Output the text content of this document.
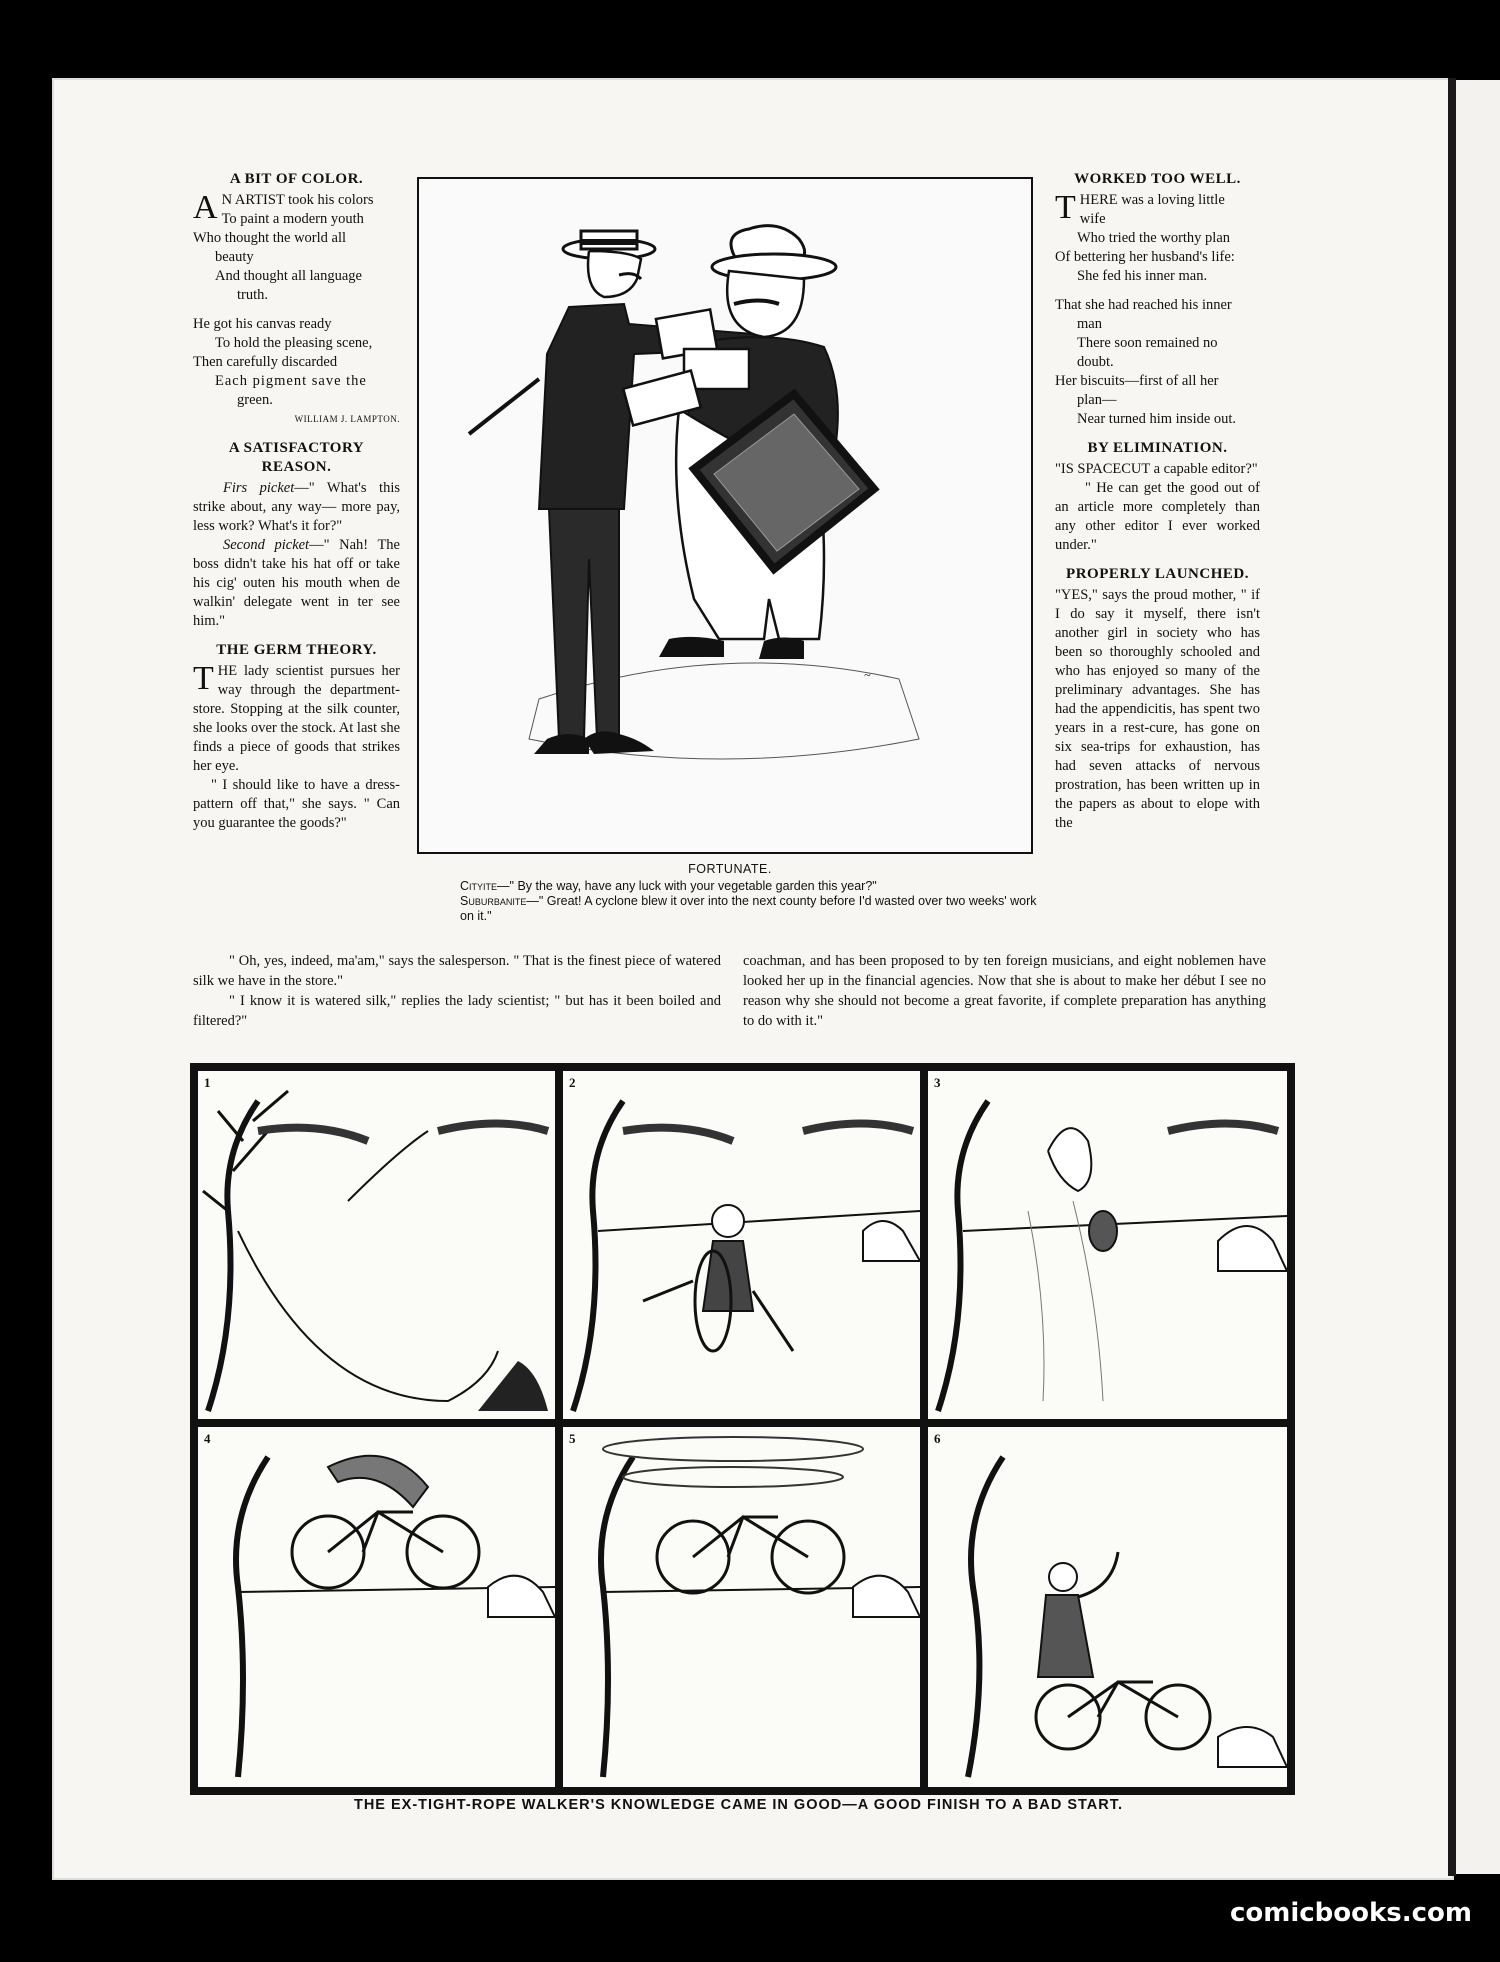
A BIT OF COLOR.

A N ARTIST took his colors

To paint a modern youth

Who thought the world all

beauty

And thought all language

truth.

He got his canvas ready

To hold the pleasing scene,

Then carefully discarded

Each pigment save the

green.

WILLIAM J. LAMPTON.

A SATISFACTORY
REASON.

Firs picket—" What's this strike about, any way— more pay, less work? What's it for?"

Second picket—" Nah! The boss didn't take his hat off or take his cig' outen his mouth when de walkin' delegate went in ter see him."

THE GERM THEORY.

THE lady scientist pursues her way through the department-store. Stopping at the silk counter, she looks over the stock. At last she finds a piece of goods that strikes her eye.

" I should like to have a dress-pattern off that," she says. " Can you guarantee the goods?"

" Oh, yes, indeed, ma'am," says the salesperson. " That is the finest piece of watered silk we have in the store."

" I know it is watered silk," replies the lady scientist; " but has it been boiled and filtered?"

~
FORTUNATE.
Cityite—" By the way, have any luck with your vegetable garden this year?"
Suburbanite—" Great! A cyclone blew it over into the next county before I'd wasted over two weeks' work on it."
WORKED TOO WELL.

THERE was a loving little

wife

Who tried the worthy plan

Of bettering her husband's life:

She fed his inner man.

That she had reached his inner

man

There soon remained no

doubt.

Her biscuits—first of all her

plan—

Near turned him inside out.

BY ELIMINATION.

"IS SPACECUT a capable editor?"

" He can get the good out of an article more completely than any other editor I ever worked under."

PROPERLY LAUNCHED.

"YES," says the proud mother, " if I do say it myself, there isn't another girl in society who has been so thoroughly schooled and who has enjoyed so many of the preliminary advantages. She has had the appendicitis, has spent two years in a rest-cure, has gone on six sea-trips for exhaustion, has had seven attacks of nervous prostration, has been written up in the papers as about to elope with the

coachman, and has been proposed to by ten foreign musicians, and eight noblemen have looked her up in the financial agencies. Now that she is about to make her début I see no reason why she should not become a great favorite, if complete preparation has anything to do with it."

1	2	3
4	5	6
THE EX-TIGHT-ROPE WALKER'S KNOWLEDGE CAME IN GOOD—A GOOD FINISH TO A BAD START.
comicbooks.com
